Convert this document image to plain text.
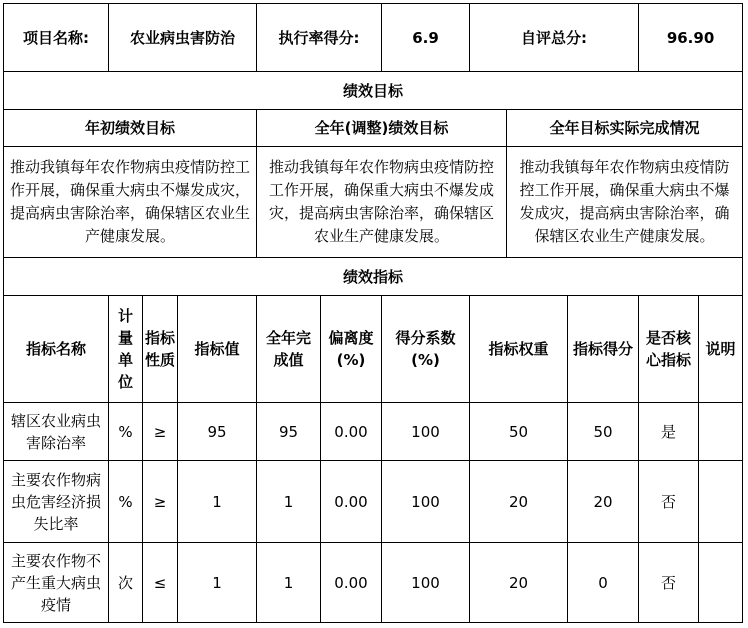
项目名称:	农业病虫害防治			执行率得分:		6.9	自评总分:			96.90	
绩效目标											
年初绩效目标				全年(调整)绩效目标				全年目标实际完成情况			
推动我镇每年农作物病虫疫情防控工作开展，确保重大病虫不爆发成灾，提高病虫害除治率，确保辖区农业生产健康发展。				推动我镇每年农作物病虫疫情防控工作开展，确保重大病虫不爆发成灾，提高病虫害除治率，确保辖区农业生产健康发展。				推动我镇每年农作物病虫疫情防控工作开展，确保重大病虫不爆发成灾，提高病虫害除治率，确保辖区农业生产健康发展。			
绩效指标											
指标名称	计量单位	指标性质	指标值	全年完成值	偏离度(%)	得分系数(%)	指标权重		指标得分	是否核心指标	说明
辖区农业病虫害除治率	%	≥	95	95	0.00	100	50		50	是	
主要农作物病虫危害经济损失比率	%	≥	1	1	0.00	100	20		20	否	
主要农作物不产生重大病虫疫情	次	≤	1	1	0.00	100	20		0	否	
